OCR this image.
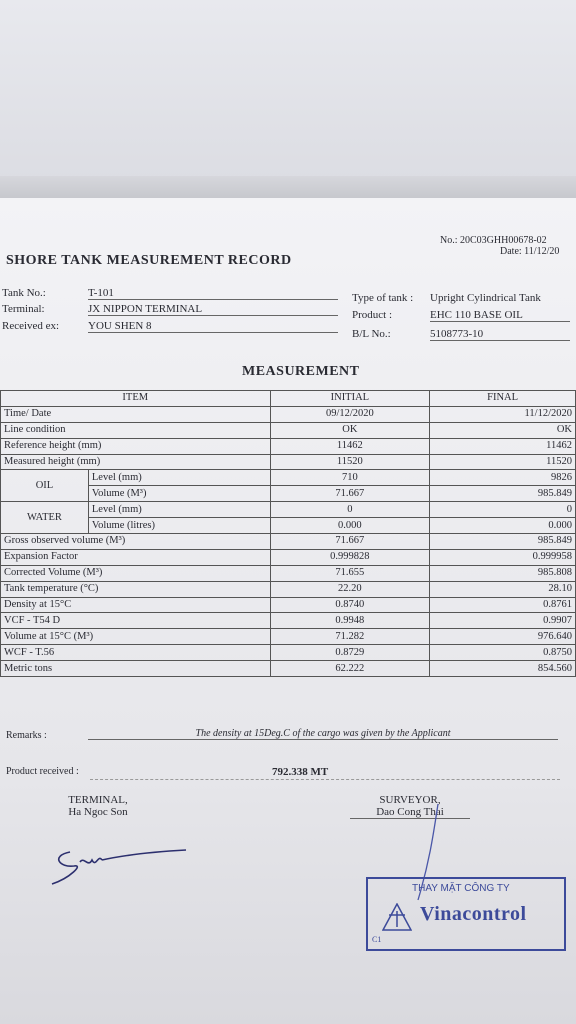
No.: 20C03GHH00678-02
Date: 11/12/20
SHORE TANK MEASUREMENT RECORD
Tank No.:	T-101
Terminal:	JX NIPPON TERMINAL
Received ex:	YOU SHEN 8
Type of tank : Upright Cylindrical Tank
Product :	EHC 110 BASE OIL
B/L No.:	5108773-10
MEASUREMENT
ITEM		INITIAL	FINAL
Time/ Date		09/12/2020	11/12/2020
Line condition		OK	OK
Reference height (mm)		11462	11462
Measured height (mm)		11520	11520
OIL	Level (mm)	710	9826
	Volume (M³)	71.667	985.849
WATER	Level (mm)	0	0
	Volume (litres)	0.000	0.000
Gross observed volume (M³)		71.667	985.849
Expansion Factor		0.999828	0.999958
Corrected Volume (M³)		71.655	985.808
Tank temperature (°C)		22.20	28.10
Density at 15°C		0.8740	0.8761
VCF - T54 D		0.9948	0.9907
Volume at 15°C (M³)		71.282	976.640
WCF - T.56		0.8729	0.8750
Metric tons		62.222	854.560
Remarks :	The density at 15Deg.C of the cargo was given by the Applicant
Product received :	792.338 MT
TERMINAL,
Ha Ngoc Son
SURVEYOR,
Dao Cong Thai
THAY MẶT CÔNG TY
Vinacontrol
C1
